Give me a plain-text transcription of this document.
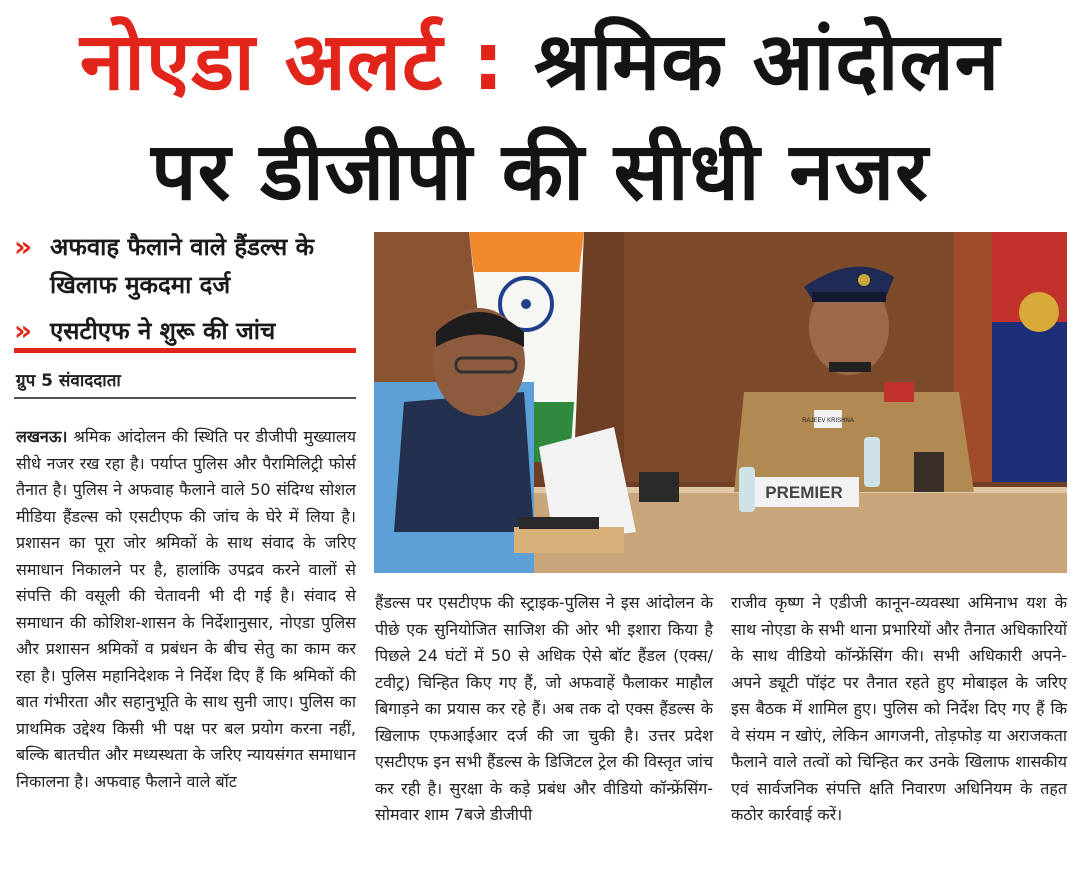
नोएडा अलर्ट : श्रमिक आंदोलन
पर डीजीपी की सीधी नजर
» अफवाह फैलाने वाले हैंडल्स के खिलाफ मुकदमा दर्ज
» एसटीएफ ने शुरू की जांच
ग्रुप 5 संवाददाता
PREMIER
RAJEEV KRISHNA
लखनऊ। श्रमिक आंदोलन की स्थिति पर डीजीपी मुख्यालय सीधे नजर रख रहा है। पर्याप्त पुलिस और पैरामिलिट्री फोर्स तैनात है। पुलिस ने अफवाह फैलाने वाले 50 संदिग्ध सोशल मीडिया हैंडल्स को एसटीएफ की जांच के घेरे में लिया है। प्रशासन का पूरा जोर श्रमिकों के साथ संवाद के जरिए समाधान निकालने पर है, हालांकि उपद्रव करने वालों से संपत्ति की वसूली की चेतावनी भी दी गई है। संवाद से समाधान की कोशिश-शासन के निर्देशानुसार, नोएडा पुलिस और प्रशासन श्रमिकों व प्रबंधन के बीच सेतु का काम कर रहा है। पुलिस महानिदेशक ने निर्देश दिए हैं कि श्रमिकों की बात गंभीरता और सहानुभूति के साथ सुनी जाए। पुलिस का प्राथमिक उद्देश्य किसी भी पक्ष पर बल प्रयोग करना नहीं, बल्कि बातचीत और मध्यस्थता के जरिए न्यायसंगत समाधान निकालना है। अफवाह फैलाने वाले बॉट
हैंडल्स पर एसटीएफ की स्ट्राइक-पुलिस ने इस आंदोलन के पीछे एक सुनियोजित साजिश की ओर भी इशारा किया है पिछले 24 घंटों में 50 से अधिक ऐसे बॉट हैंडल (एक्स/टवीट्र) चिन्हित किए गए हैं, जो अफवाहें फैलाकर माहौल बिगाड़ने का प्रयास कर रहे हैं। अब तक दो एक्स हैंडल्स के खिलाफ एफआईआर दर्ज की जा चुकी है। उत्तर प्रदेश एसटीएफ इन सभी हैंडल्स के डिजिटल ट्रेल की विस्तृत जांच कर रही है। सुरक्षा के कड़े प्रबंध और वीडियो कॉन्फ्रेंसिंग-सोमवार शाम 7बजे डीजीपी
राजीव कृष्ण ने एडीजी कानून-व्यवस्था अमिनाभ यश के साथ नोएडा के सभी थाना प्रभारियों और तैनात अधिकारियों के साथ वीडियो कॉन्फ्रेंसिंग की। सभी अधिकारी अपने-अपने ड्यूटी पॉइंट पर तैनात रहते हुए मोबाइल के जरिए इस बैठक में शामिल हुए। पुलिस को निर्देश दिए गए हैं कि वे संयम न खोएं, लेकिन आगजनी, तोड़फोड़ या अराजकता फैलाने वाले तत्वों को चिन्हित कर उनके खिलाफ शासकीय एवं सार्वजनिक संपत्ति क्षति निवारण अधिनियम के तहत कठोर कार्रवाई करें।
